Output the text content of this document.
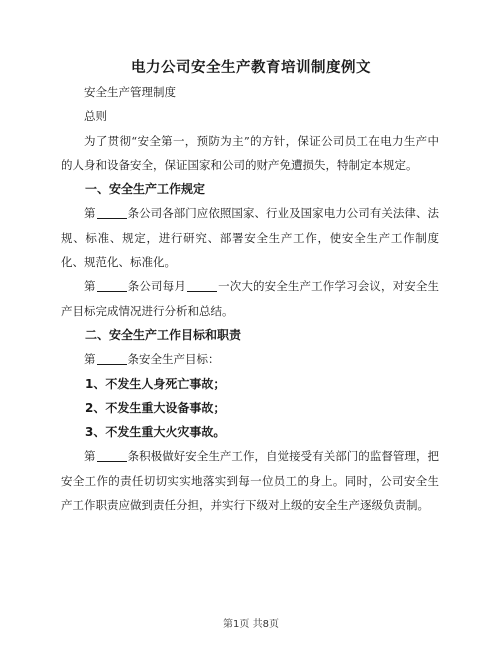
电力公司安全生产教育培训制度例文

安全生产管理制度

总则

为了贯彻“安全第一，预防为主”的方针，保证公司员工在电力生产中的人身和设备安全，保证国家和公司的财产免遭损失，特制定本规定。

一、安全生产工作规定

第	条公司各部门应依照国家、行业及国家电力公司有关法律、法规、标准、规定，进行研究、部署安全生产工作，使安全生产工作制度化、规范化、标准化。

第	条公司每月	一次大的安全生产工作学习会议，对安全生产目标完成情况进行分析和总结。

二、安全生产工作目标和职责

第	条安全生产目标：

1、不发生人身死亡事故；

2、不发生重大设备事故；

3、不发生重大火灾事故。

第	条积极做好安全生产工作，自觉接受有关部门的监督管理，把安全工作的责任切切实实地落实到每一位员工的身上。同时，公司安全生产工作职责应做到责任分担，并实行下级对上级的安全生产逐级负责制。

第1页 共8页
